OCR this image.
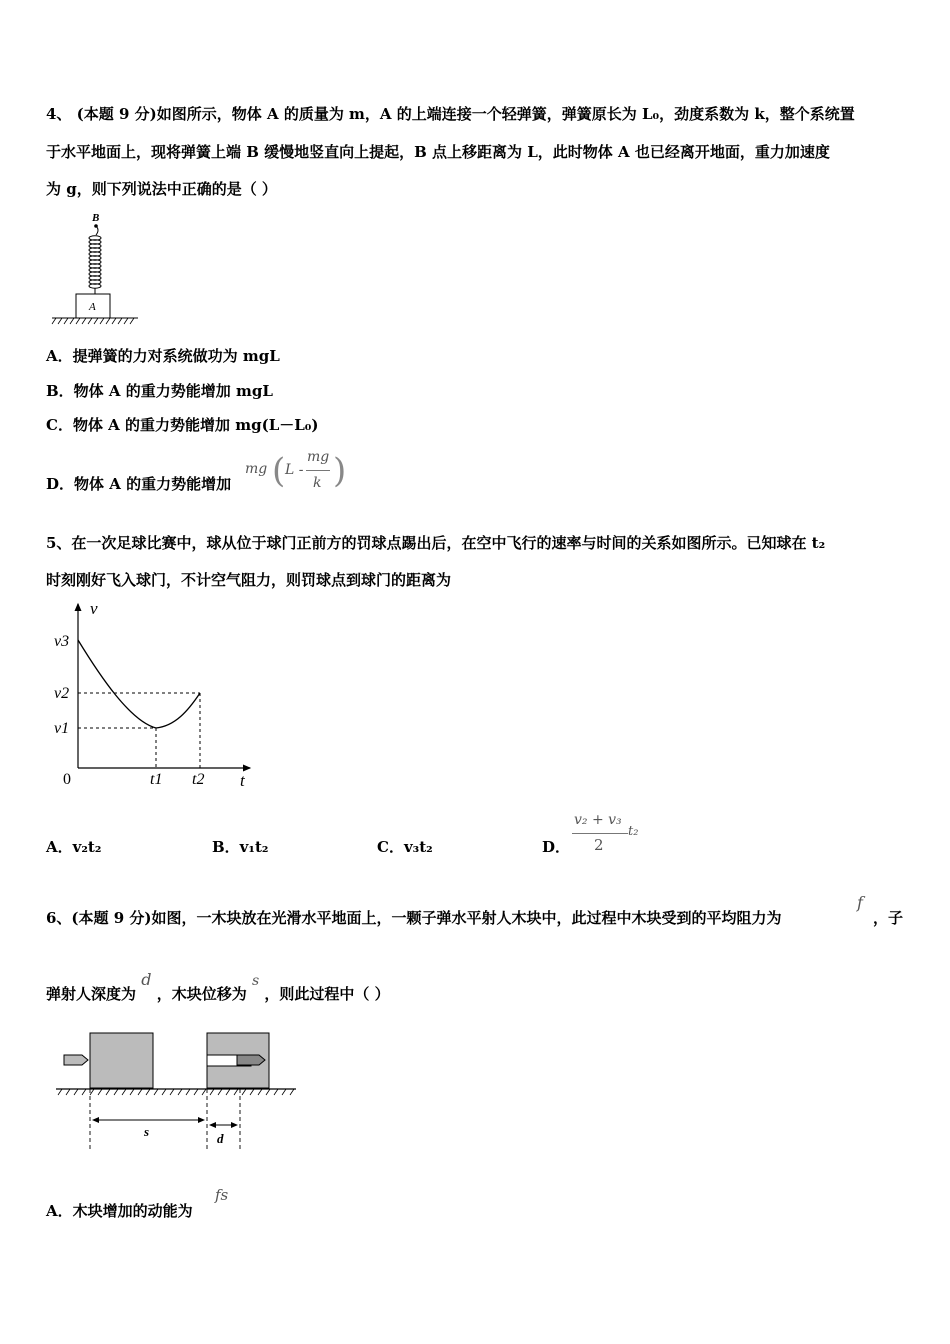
4、 (本题 9 分)如图所示，物体 A 的质量为 m，A 的上端连接一个轻弹簧，弹簧原长为 L₀，劲度系数为 k，整个系统置
于水平地面上，现将弹簧上端 B 缓慢地竖直向上提起，B 点上移距离为 L，此时物体 A 也已经离开地面，重力加速度
为 g，则下列说法中正确的是（ ）
B
A
A．提弹簧的力对系统做功为 mgL
B．物体 A 的重力势能增加 mgL
C．物体 A 的重力势能增加 mg(L－L₀)
D．物体 A 的重力势能增加
mg ( L -
mg
k )
5、在一次足球比赛中，球从位于球门正前方的罚球点踢出后，在空中飞行的速率与时间的关系如图所示。已知球在 t₂
时刻刚好飞入球门，不计空气阻力，则罚球点到球门的距离为
v
t
0
v3
v2
v1
t1 t2
A．v₂t₂	B．v₁t₂	C．v₃t₂	D．
v₂ + v₃
2
t₂
6、(本题 9 分)如图，一木块放在光滑水平地面上，一颗子弹水平射人木块中，此过程中木块受到的平均阻力为
f
，子
弹射人深度为 d ，木块位移为 s ，则此过程中（ ）
s	d
A．木块增加的动能为
fs
